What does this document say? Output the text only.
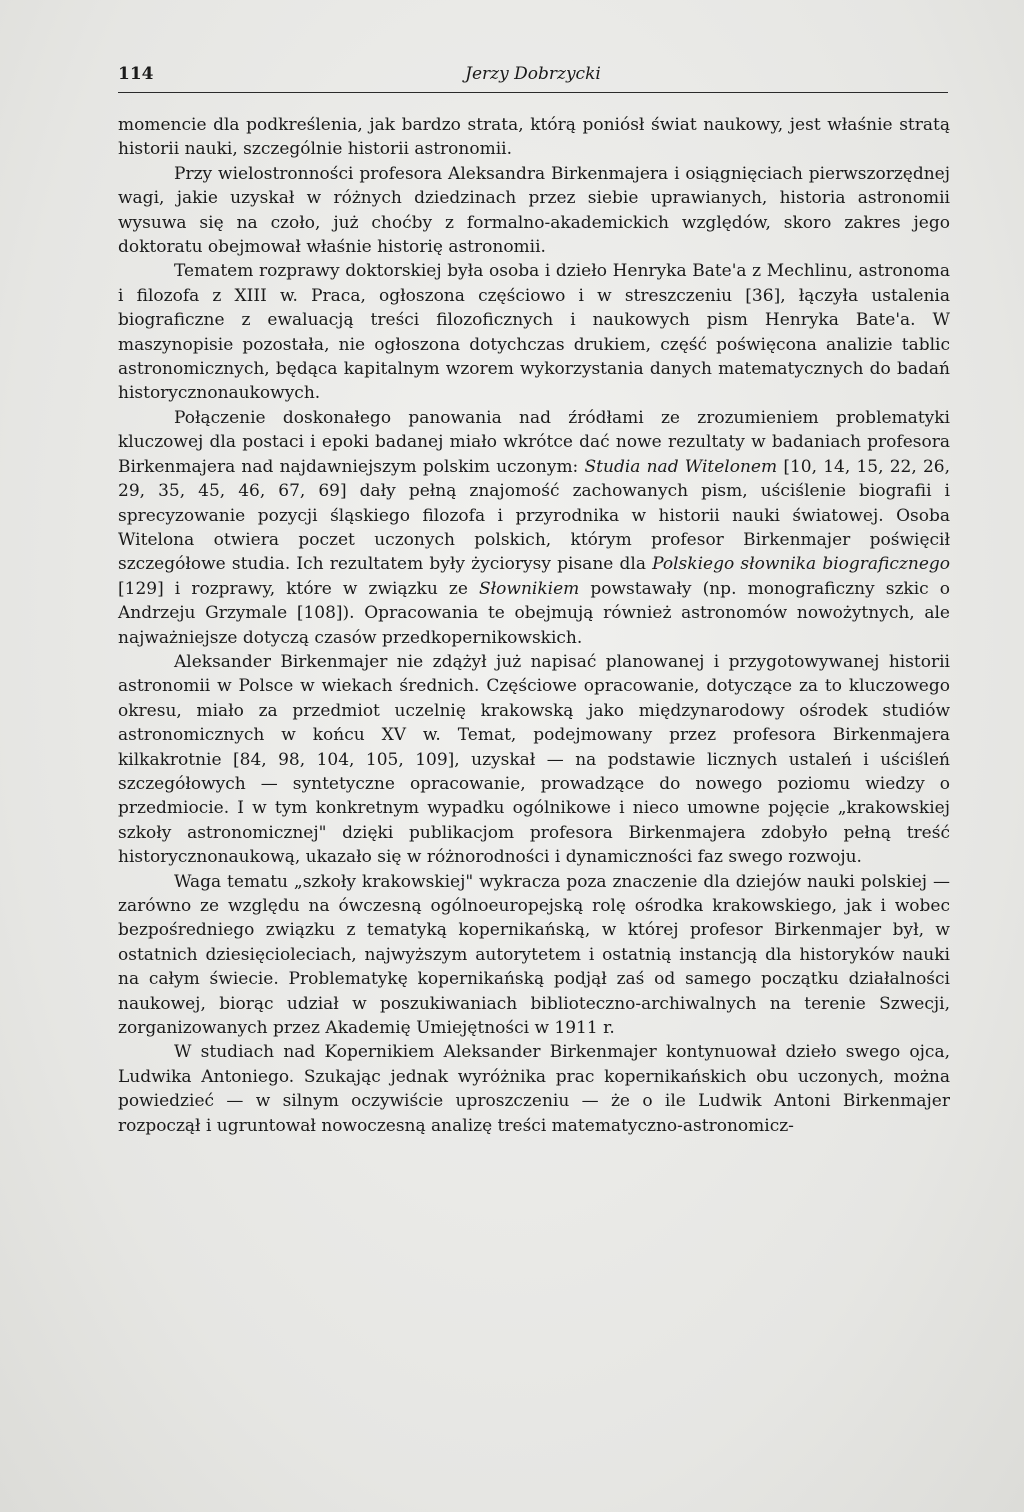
114	Jerzy Dobrzycki

momencie dla podkreślenia, jak bardzo strata, którą poniósł świat naukowy, jest właśnie stratą historii nauki, szczególnie historii astronomii.

Przy wielostronności profesora Aleksandra Birkenmajera i osiągnięciach pierwszorzędnej wagi, jakie uzyskał w różnych dziedzinach przez siebie uprawianych, historia astronomii wysuwa się na czoło, już choćby z formalno-akademickich względów, skoro zakres jego doktoratu obejmował właśnie historię astronomii.

Tematem rozprawy doktorskiej była osoba i dzieło Henryka Bate'a z Mechlinu, astronoma i filozofa z XIII w. Praca, ogłoszona częściowo i w streszczeniu [36], łączyła ustalenia biograficzne z ewaluacją treści filozoficznych i naukowych pism Henryka Bate'a. W maszynopisie pozostała, nie ogłoszona dotychczas drukiem, część poświęcona analizie tablic astronomicznych, będąca kapitalnym wzorem wykorzystania danych matematycznych do badań historycznonaukowych.

Połączenie doskonałego panowania nad źródłami ze zrozumieniem problematyki kluczowej dla postaci i epoki badanej miało wkrótce dać nowe rezultaty w badaniach profesora Birkenmajera nad najdawniejszym polskim uczonym: Studia nad Witelonem [10, 14, 15, 22, 26, 29, 35, 45, 46, 67, 69] dały pełną znajomość zachowanych pism, uściślenie biografii i sprecyzowanie pozycji śląskiego filozofa i przyrodnika w historii nauki światowej. Osoba Witelona otwiera poczet uczonych polskich, którym profesor Birkenmajer poświęcił szczegółowe studia. Ich rezultatem były życiorysy pisane dla Polskiego słownika biograficznego [129] i rozprawy, które w związku ze Słownikiem powstawały (np. monograficzny szkic o Andrzeju Grzymale [108]). Opracowania te obejmują również astronomów nowożytnych, ale najważniejsze dotyczą czasów przedkopernikowskich.

Aleksander Birkenmajer nie zdążył już napisać planowanej i przygotowywanej historii astronomii w Polsce w wiekach średnich. Częściowe opracowanie, dotyczące za to kluczowego okresu, miało za przedmiot uczelnię krakowską jako międzynarodowy ośrodek studiów astronomicznych w końcu XV w. Temat, podejmowany przez profesora Birkenmajera kilkakrotnie [84, 98, 104, 105, 109], uzyskał — na podstawie licznych ustaleń i uściśleń szczegółowych — syntetyczne opracowanie, prowadzące do nowego poziomu wiedzy o przedmiocie. I w tym konkretnym wypadku ogólnikowe i nieco umowne pojęcie „krakowskiej szkoły astronomicznej" dzięki publikacjom profesora Birkenmajera zdobyło pełną treść historycznonaukową, ukazało się w różnorodności i dynamiczności faz swego rozwoju.

Waga tematu „szkoły krakowskiej" wykracza poza znaczenie dla dziejów nauki polskiej — zarówno ze względu na ówczesną ogólnoeuropejską rolę ośrodka krakowskiego, jak i wobec bezpośredniego związku z tematyką kopernikańską, w której profesor Birkenmajer był, w ostatnich dziesięcioleciach, najwyższym autorytetem i ostatnią instancją dla historyków nauki na całym świecie. Problematykę kopernikańską podjął zaś od samego początku działalności naukowej, biorąc udział w poszukiwaniach biblioteczno-archiwalnych na terenie Szwecji, zorganizowanych przez Akademię Umiejętności w 1911 r.

W studiach nad Kopernikiem Aleksander Birkenmajer kontynuował dzieło swego ojca, Ludwika Antoniego. Szukając jednak wyróżnika prac kopernikańskich obu uczonych, można powiedzieć — w silnym oczywiście uproszczeniu — że o ile Ludwik Antoni Birkenmajer rozpoczął i ugruntował nowoczesną analizę treści matematyczno-astronomicz-
